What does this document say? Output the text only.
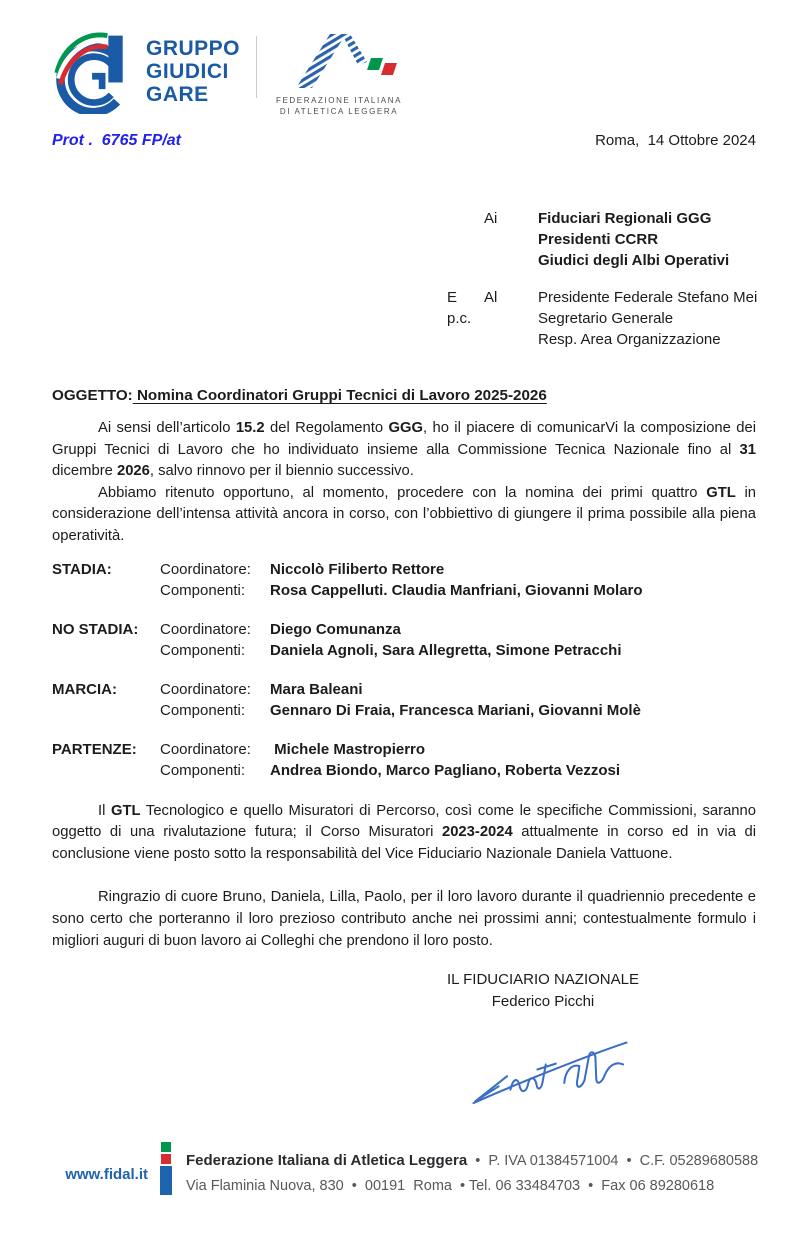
GRUPPO
GIUDICI
GARE	FEDERAZIONE ITALIANA
DI ATLETICA LEGGERA
Prot .  6765 FP/at	Roma,  14 Ottobre 2024
Ai	Fiduciari Regionali GGG
Presidenti CCRR
Giudici degli Albi Operativi
E p.c.
Al	Presidente Federale Stefano Mei
Segretario Generale
Resp. Area Organizzazione
OGGETTO: Nomina Coordinatori Gruppi Tecnici di Lavoro 2025-2026
Ai sensi dell’articolo 15.2 del Regolamento GGG, ho il piacere di comunicarVi la composizione dei Gruppi Tecnici di Lavoro che ho individuato insieme alla Commissione Tecnica Nazionale fino al 31 dicembre 2026, salvo rinnovo per il biennio successivo.
Abbiamo ritenuto opportuno, al momento, procedere con la nomina dei primi quattro GTL in considerazione dell’intensa attività ancora in corso, con l’obbiettivo di giungere il prima possibile alla piena operatività.
STADIA:	Coordinatore:	Niccolò Filiberto Rettore
Componenti:	Rosa Cappelluti. Claudia Manfriani, Giovanni Molaro
NO STADIA:	Coordinatore:	Diego Comunanza
Componenti:	Daniela Agnoli, Sara Allegretta, Simone Petracchi
MARCIA:	Coordinatore:	Mara Baleani
Componenti:	Gennaro Di Fraia, Francesca Mariani, Giovanni Molè
PARTENZE:	Coordinatore:	Michele Mastropierro
Componenti:	Andrea Biondo, Marco Pagliano, Roberta Vezzosi
Il GTL Tecnologico e quello Misuratori di Percorso, così come le specifiche Commissioni, saranno oggetto di una rivalutazione futura; il Corso Misuratori 2023-2024 attualmente in corso ed in via di conclusione viene posto sotto la responsabilità del Vice Fiduciario Nazionale Daniela Vattuone.
Ringrazio di cuore Bruno, Daniela, Lilla, Paolo, per il loro lavoro durante il quadriennio precedente e sono certo che porteranno il loro prezioso contributo anche nei prossimi anni; contestualmente formulo i migliori auguri di buon lavoro ai Colleghi che prendono il loro posto.
IL FIDUCIARIO NAZIONALE
Federico Picchi
www.fidal.it
Federazione Italiana di Atletica Leggera  •  P. IVA 01384571004  •  C.F. 05289680588
Via Flaminia Nuova, 830  •  00191  Roma  • Tel. 06 33484703  •  Fax 06 89280618
